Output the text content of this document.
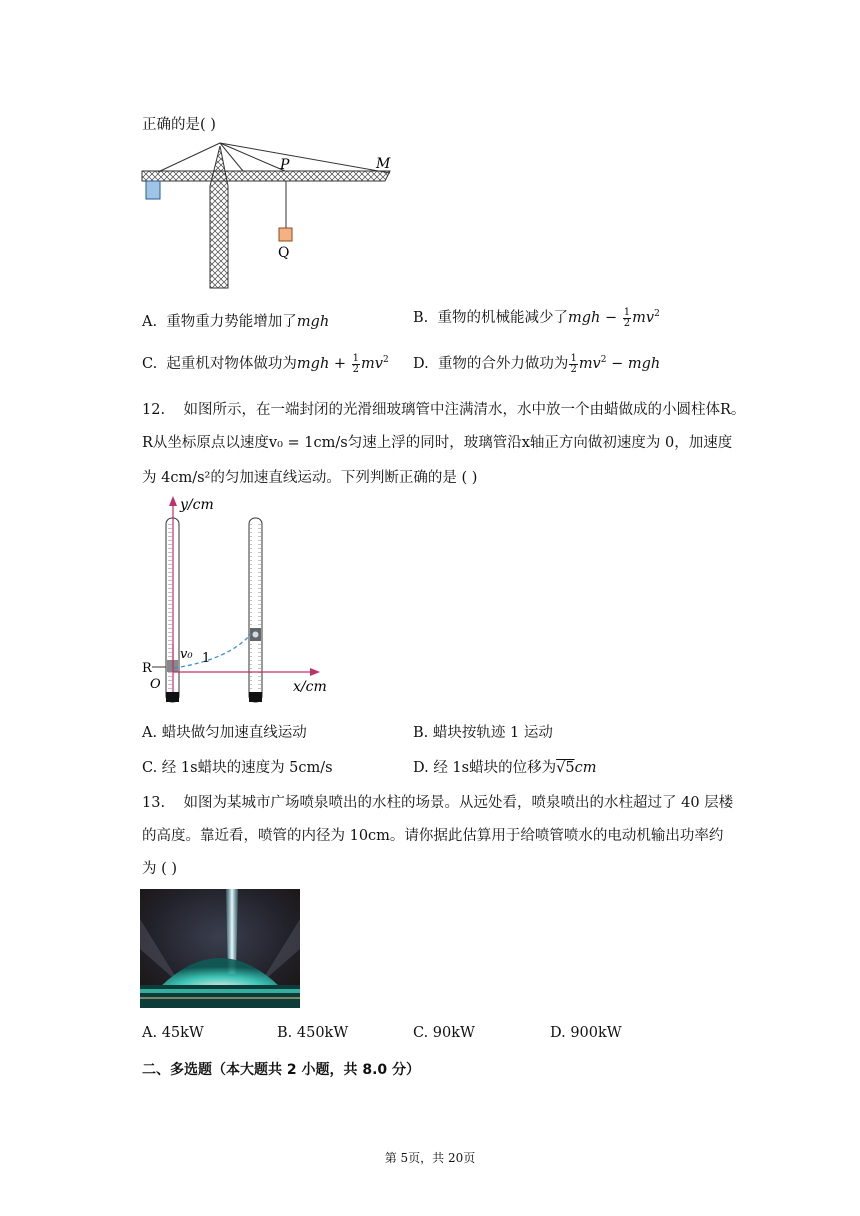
正确的是( )
P	M
Q
A. 重物重力势能增加了mgh	B. 重物的机械能减少了mgh − $\frac{1}{2} mv^2$
C. 起重机对物体做功为mgh + $\frac{1}{2} mv^2$ D. 重物的合外力做功为 $\frac{1}{2} mv^2$ − mgh
12. 如图所示，在一端封闭的光滑细玻璃管中注满清水，水中放一个由蜡做成的小圆柱体R。
R从坐标原点以速度v₀ = 1cm/s匀速上浮的同时，玻璃管沿x轴正方向做初速度为 0，加速度
为 4cm/s²的匀加速直线运动。下列判断正确的是 ( )
y/cm
x/cm
v₀ 1
R
O
A. 蜡块做匀加速直线运动	B. 蜡块按轨迹 1 运动
C. 经 1s蜡块的速度为 5cm/s	D. 经 1s蜡块的位移为√5cm
13. 如图为某城市广场喷泉喷出的水柱的场景。从远处看，喷泉喷出的水柱超过了 40 层楼
的高度。靠近看，喷管的内径为 10cm。请你据此估算用于给喷管喷水的电动机输出功率约
为 ( )
A. 45kW	B. 450kW	C. 90kW	D. 900kW
二、多选题（本大题共 2 小题，共 8.0 分）
第 5页，共 20页
